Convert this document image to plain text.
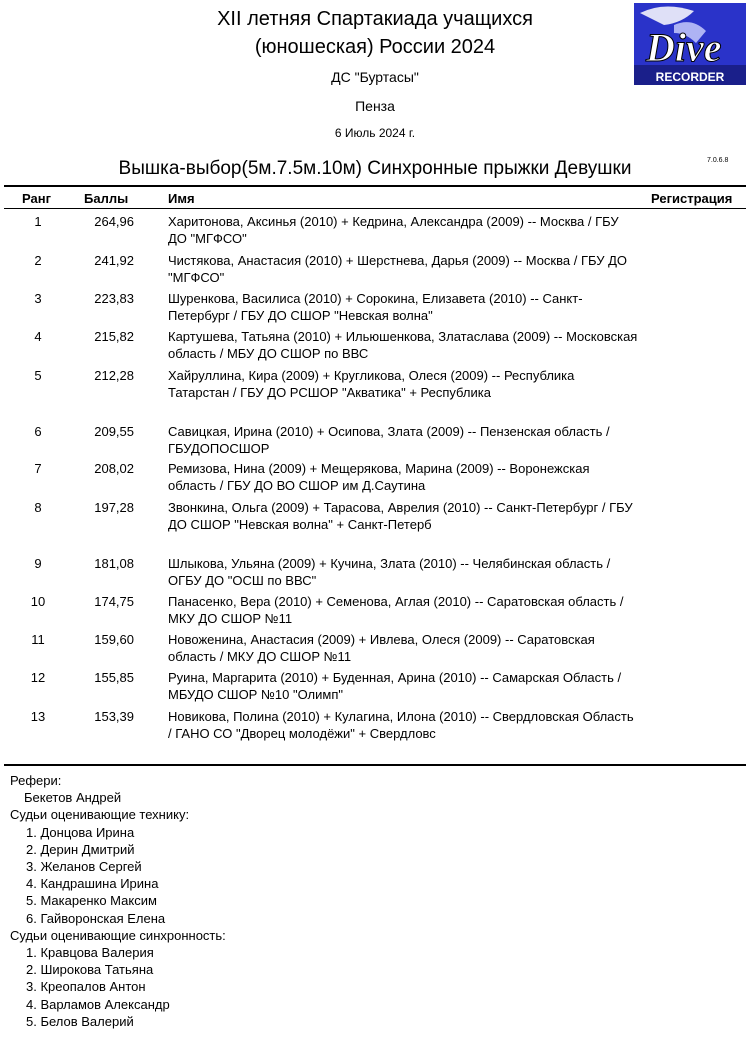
XII летняя Спартакиада учащихся
(юношеская) России 2024
ДС "Буртасы"
Пенза
6 Июль 2024 г.
Dive
RECORDER
Вышка-выбор(5м.7.5м.10м) Синхронные прыжки Девушки	7.0.6.8
Ранг	Баллы	Имя	Регистрация
1	264,96	Харитонова, Аксинья (2010) + Кедрина, Александра (2009) -- Москва / ГБУ ДО "МГФСО"
2	241,92	Чистякова, Анастасия (2010) + Шерстнева, Дарья (2009) -- Москва / ГБУ ДО "МГФСО"
3	223,83	Шуренкова, Василиса (2010) + Сорокина, Елизавета (2010) -- Санкт-Петербург / ГБУ ДО СШОР "Невская волна"
4	215,82	Картушева, Татьяна (2010) + Ильюшенкова, Златаслава (2009) -- Московская область / МБУ ДО СШОР по ВВС
5	212,28	Хайруллина, Кира (2009) + Кругликова, Олеся (2009) -- Республика Татарстан / ГБУ ДО РСШОР "Акватика" + Республика
6	209,55	Савицкая, Ирина (2010) + Осипова, Злата (2009) -- Пензенская область / ГБУДОПОСШОР
7	208,02	Ремизова, Нина (2009) + Мещерякова, Марина (2009) -- Воронежская область / ГБУ ДО ВО СШОР им Д.Саутина
8	197,28	Звонкина, Ольга (2009) + Тарасова, Аврелия (2010) -- Санкт-Петербург / ГБУ ДО СШОР "Невская волна" + Санкт-Петерб
9	181,08	Шлыкова, Ульяна (2009) + Кучина, Злата (2010) -- Челябинская область / ОГБУ ДО "ОСШ по ВВС"
10	174,75	Панасенко, Вера (2010) + Семенова, Аглая (2010) -- Саратовская область / МКУ ДО СШОР №11
11	159,60	Новоженина, Анастасия (2009) + Ивлева, Олеся (2009) -- Саратовская область / МКУ ДО СШОР №11
12	155,85	Руина, Маргарита (2010) + Буденная, Арина (2010) -- Самарская Область / МБУДО СШОР №10 "Олимп"
13	153,39	Новикова, Полина (2010) + Кулагина, Илона (2010) -- Свердловская Область / ГАНО СО "Дворец молодёжи" + Свердловс
Рефери:
Бекетов Андрей
Судьи оценивающие технику:
1. Донцова Ирина
2. Дерин Дмитрий
3. Желанов Сергей
4. Кандрашина Ирина
5. Макаренко Максим
6. Гайворонская Елена
Судьи оценивающие синхронность:
1. Кравцова Валерия
2. Широкова Татьяна
3. Креопалов Антон
4. Варламов Александр
5. Белов Валерий
